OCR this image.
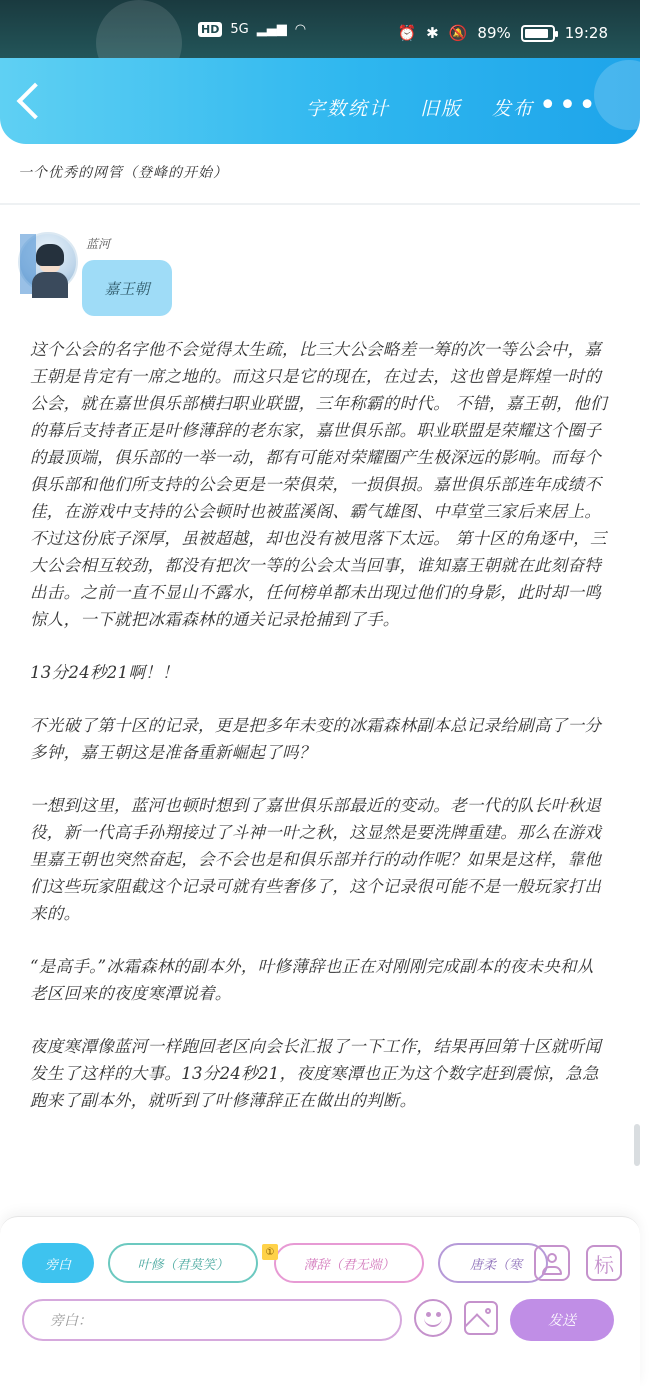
HD 5G ▂▄▆ ◠	⏰ ✱ 🔕 89%	19:28
字数统计 旧版 发布 •••
一个优秀的网管（登峰的开始）
蓝河
嘉王朝

这个公会的名字他不会觉得太生疏，比三大公会略差一筹的次一等公会中，嘉王朝是肯定有一席之地的。而这只是它的现在，在过去，这也曾是辉煌一时的公会，就在嘉世俱乐部横扫职业联盟，三年称霸的时代。 不错，嘉王朝，他们的幕后支持者正是叶修薄辞的老东家，嘉世俱乐部。职业联盟是荣耀这个圈子的最顶端，俱乐部的一举一动，都有可能对荣耀圈产生极深远的影响。而每个俱乐部和他们所支持的公会更是一荣俱荣，一损俱损。嘉世俱乐部连年成绩不佳，在游戏中支持的公会顿时也被蓝溪阁、霸气雄图、中草堂三家后来居上。不过这份底子深厚，虽被超越，却也没有被甩落下太远。 第十区的角逐中，三大公会相互较劲，都没有把次一等的公会太当回事，谁知嘉王朝就在此刻奋特出击。之前一直不显山不露水，任何榜单都未出现过他们的身影，此时却一鸣惊人，一下就把冰霜森林的通关记录抢捕到了手。

13分24秒21啊！！

不光破了第十区的记录，更是把多年未变的冰霜森林副本总记录给刷高了一分多钟，嘉王朝这是准备重新崛起了吗？

一想到这里，蓝河也顿时想到了嘉世俱乐部最近的变动。老一代的队长叶秋退役，新一代高手孙翔接过了斗神一叶之秋，这显然是要洗牌重建。那么在游戏里嘉王朝也突然奋起，会不会也是和俱乐部并行的动作呢？如果是这样，靠他们这些玩家阻截这个记录可就有些奢侈了，这个记录很可能不是一般玩家打出来的。

“是高手。”冰霜森林的副本外，叶修薄辞也正在对刚刚完成副本的夜未央和从老区回来的夜度寒潭说着。

夜度寒潭像蓝河一样跑回老区向会长汇报了一下工作，结果再回第十区就听闻发生了这样的大事。13分24秒21，夜度寒潭也正为这个数字赶到震惊，急急跑来了副本外，就听到了叶修薄辞正在做出的判断。

旁白	叶修（君莫笑）	薄辞（君无端）	唐柔（寒	标
旁白：	发送
①
